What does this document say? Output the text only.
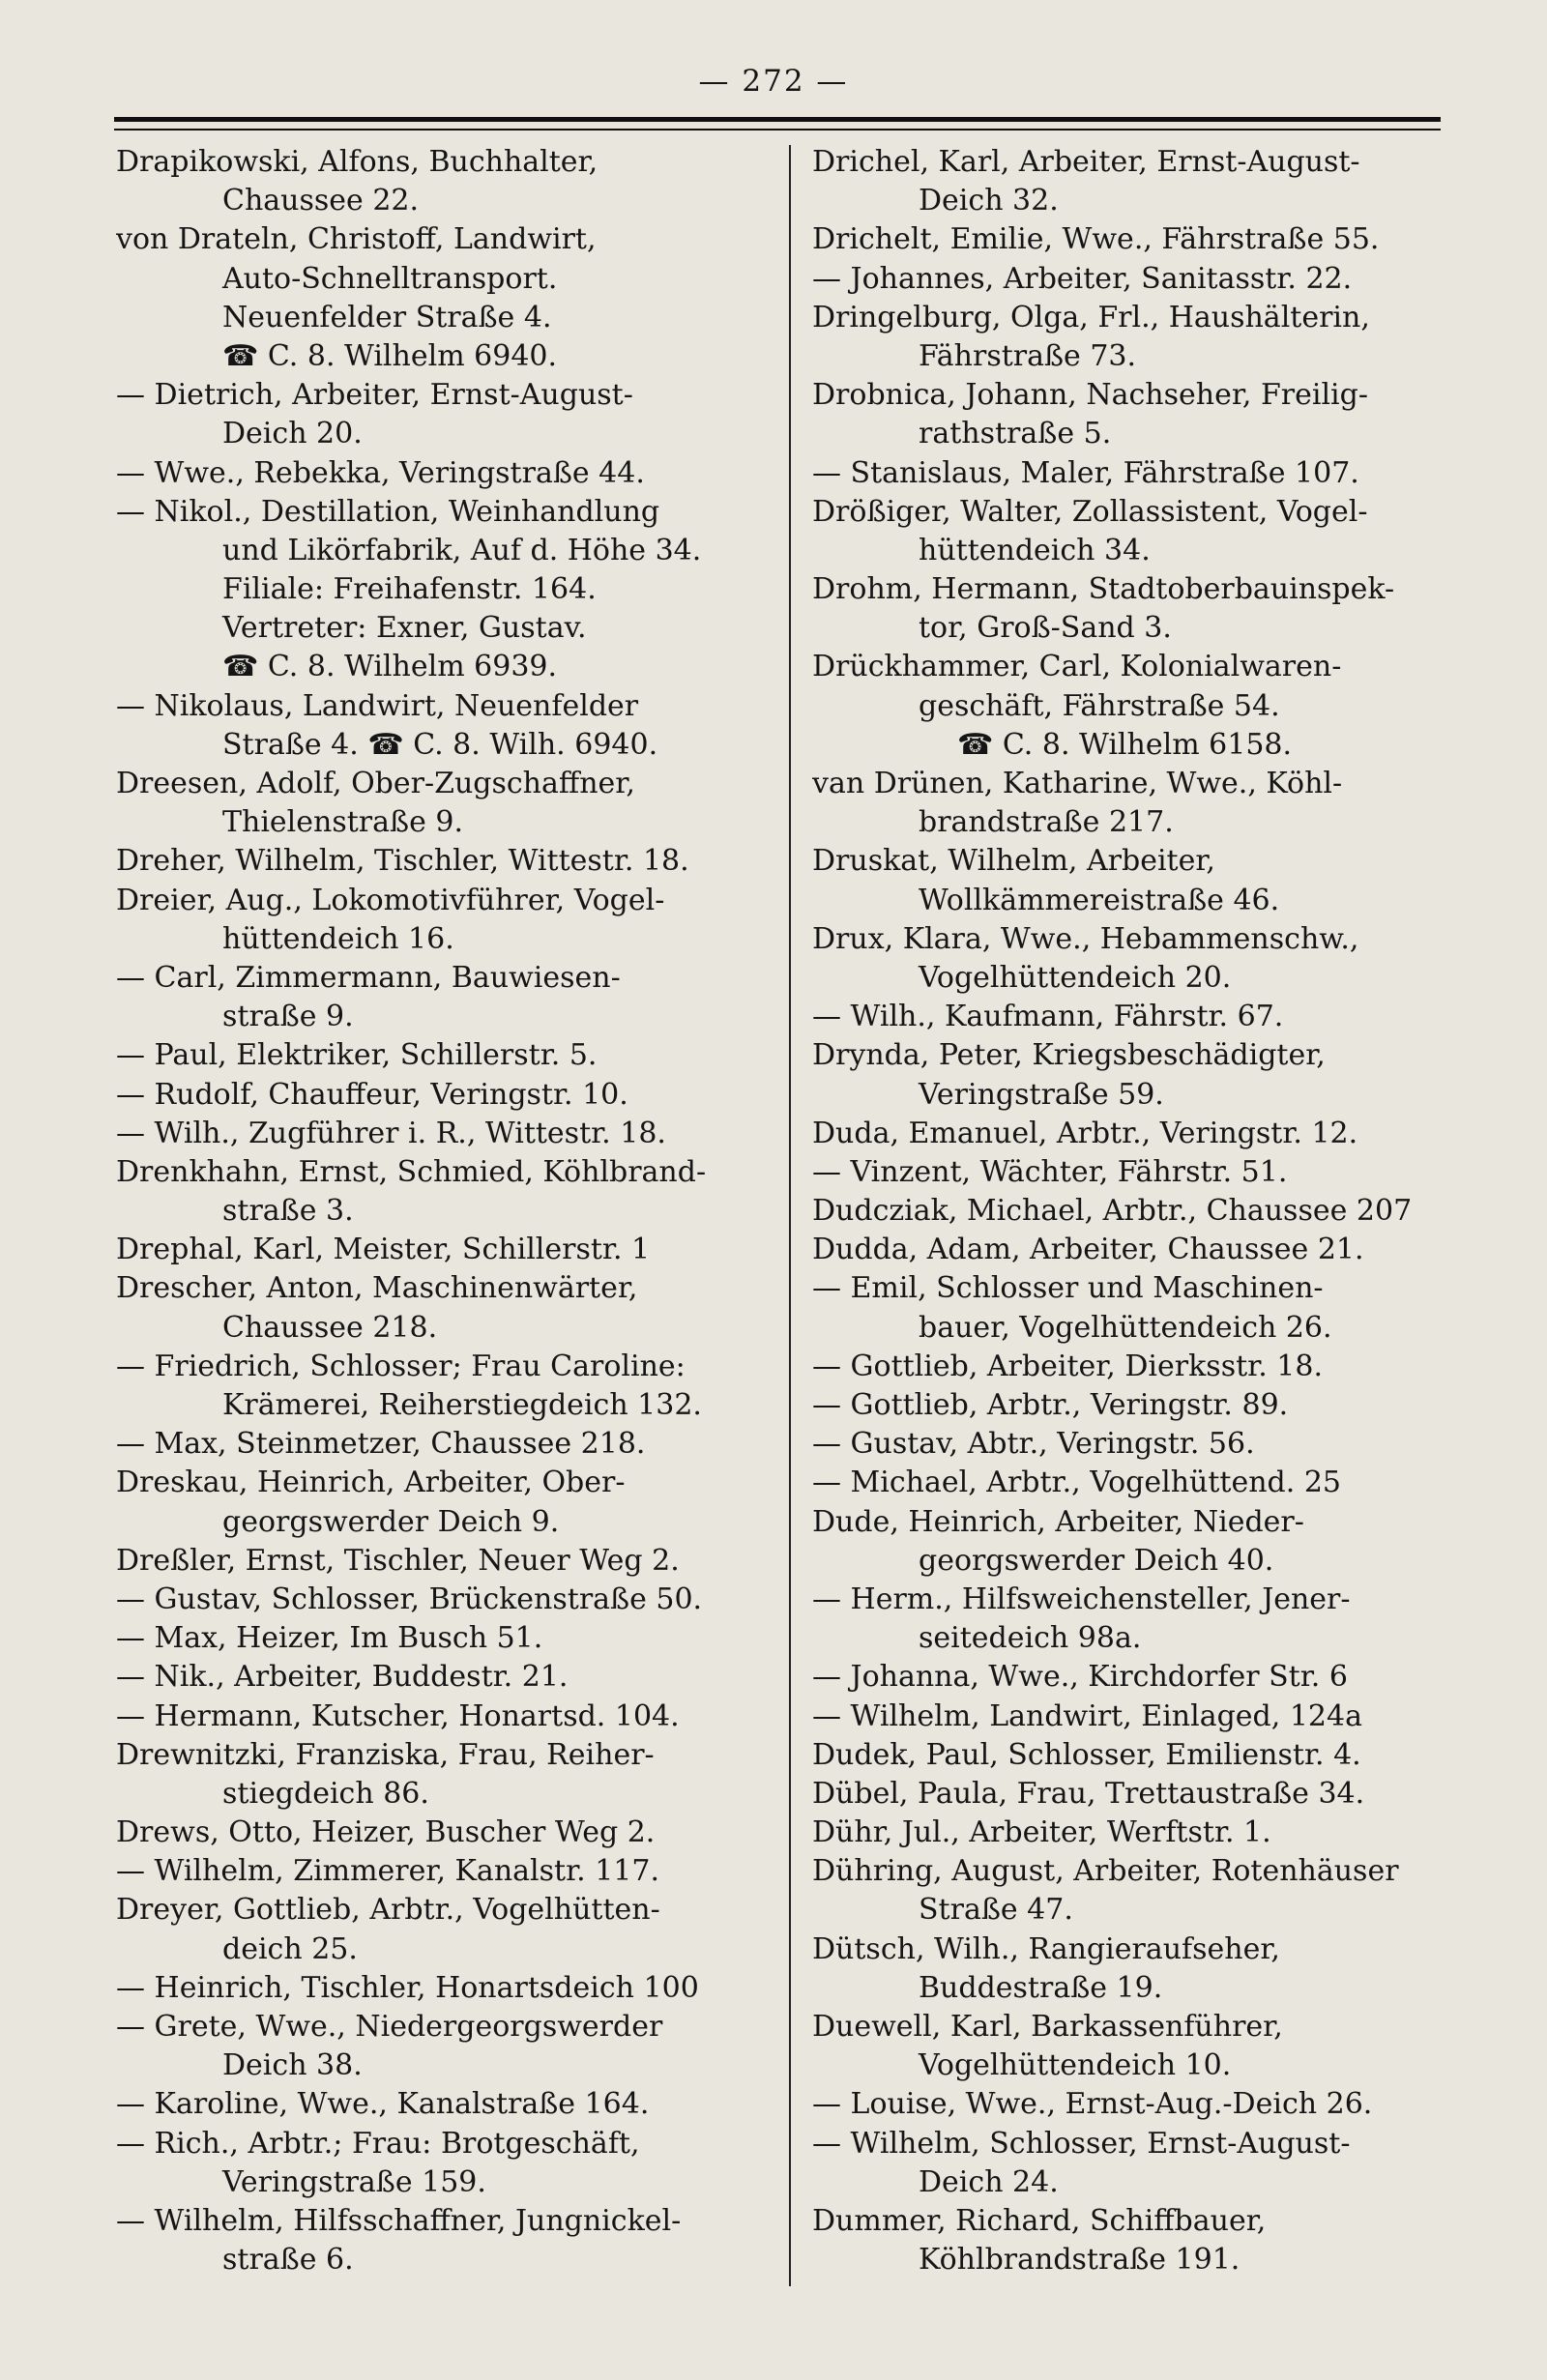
— 272 —
Drapikowski, Alfons, Buchhalter,
Chaussee 22.
von Drateln, Christoff, Landwirt,
Auto-Schnelltransport.
Neuenfelder Straße 4.
☎ C. 8. Wilhelm 6940.
— Dietrich, Arbeiter, Ernst-August-
Deich 20.
— Wwe., Rebekka, Veringstraße 44.
— Nikol., Destillation, Weinhandlung
und Likörfabrik, Auf d. Höhe 34.
Filiale: Freihafenstr. 164.
Vertreter: Exner, Gustav.
☎ C. 8. Wilhelm 6939.
— Nikolaus, Landwirt, Neuenfelder
Straße 4. ☎ C. 8. Wilh. 6940.
Dreesen, Adolf, Ober-Zugschaffner,
Thielenstraße 9.
Dreher, Wilhelm, Tischler, Wittestr. 18.
Dreier, Aug., Lokomotivführer, Vogel-
hüttendeich 16.
— Carl, Zimmermann, Bauwiesen-
straße 9.
— Paul, Elektriker, Schillerstr. 5.
— Rudolf, Chauffeur, Veringstr. 10.
— Wilh., Zugführer i. R., Wittestr. 18.
Drenkhahn, Ernst, Schmied, Köhlbrand-
straße 3.
Drephal, Karl, Meister, Schillerstr. 1
Drescher, Anton, Maschinenwärter,
Chaussee 218.
— Friedrich, Schlosser; Frau Caroline:
Krämerei, Reiherstiegdeich 132.
— Max, Steinmetzer, Chaussee 218.
Dreskau, Heinrich, Arbeiter, Ober-
georgswerder Deich 9.
Dreßler, Ernst, Tischler, Neuer Weg 2.
— Gustav, Schlosser, Brückenstraße 50.
— Max, Heizer, Im Busch 51.
— Nik., Arbeiter, Buddestr. 21.
— Hermann, Kutscher, Honartsd. 104.
Drewnitzki, Franziska, Frau, Reiher-
stiegdeich 86.
Drews, Otto, Heizer, Buscher Weg 2.
— Wilhelm, Zimmerer, Kanalstr. 117.
Dreyer, Gottlieb, Arbtr., Vogelhütten-
deich 25.
— Heinrich, Tischler, Honartsdeich 100
— Grete, Wwe., Niedergeorgswerder
Deich 38.
— Karoline, Wwe., Kanalstraße 164.
— Rich., Arbtr.; Frau: Brotgeschäft,
Veringstraße 159.
— Wilhelm, Hilfsschaffner, Jungnickel-
straße 6.
Drichel, Karl, Arbeiter, Ernst-August-
Deich 32.
Drichelt, Emilie, Wwe., Fährstraße 55.
— Johannes, Arbeiter, Sanitasstr. 22.
Dringelburg, Olga, Frl., Haushälterin,
Fährstraße 73.
Drobnica, Johann, Nachseher, Freilig-
rathstraße 5.
— Stanislaus, Maler, Fährstraße 107.
Drößiger, Walter, Zollassistent, Vogel-
hüttendeich 34.
Drohm, Hermann, Stadtoberbauinspek-
tor, Groß-Sand 3.
Drückhammer, Carl, Kolonialwaren-
geschäft, Fährstraße 54.
☎ C. 8. Wilhelm 6158.
van Drünen, Katharine, Wwe., Köhl-
brandstraße 217.
Druskat, Wilhelm, Arbeiter,
Wollkämmereistraße 46.
Drux, Klara, Wwe., Hebammenschw.,
Vogelhüttendeich 20.
— Wilh., Kaufmann, Fährstr. 67.
Drynda, Peter, Kriegsbeschädigter,
Veringstraße 59.
Duda, Emanuel, Arbtr., Veringstr. 12.
— Vinzent, Wächter, Fährstr. 51.
Dudcziak, Michael, Arbtr., Chaussee 207
Dudda, Adam, Arbeiter, Chaussee 21.
— Emil, Schlosser und Maschinen-
bauer, Vogelhüttendeich 26.
— Gottlieb, Arbeiter, Dierksstr. 18.
— Gottlieb, Arbtr., Veringstr. 89.
— Gustav, Abtr., Veringstr. 56.
— Michael, Arbtr., Vogelhüttend. 25
Dude, Heinrich, Arbeiter, Nieder-
georgswerder Deich 40.
— Herm., Hilfsweichensteller, Jener-
seitedeich 98a.
— Johanna, Wwe., Kirchdorfer Str. 6
— Wilhelm, Landwirt, Einlaged, 124a
Dudek, Paul, Schlosser, Emilienstr. 4.
Dübel, Paula, Frau, Trettaustraße 34.
Dühr, Jul., Arbeiter, Werftstr. 1.
Dühring, August, Arbeiter, Rotenhäuser
Straße 47.
Dütsch, Wilh., Rangieraufseher,
Buddestraße 19.
Duewell, Karl, Barkassenführer,
Vogelhüttendeich 10.
— Louise, Wwe., Ernst-Aug.-Deich 26.
— Wilhelm, Schlosser, Ernst-August-
Deich 24.
Dummer, Richard, Schiffbauer,
Köhlbrandstraße 191.
